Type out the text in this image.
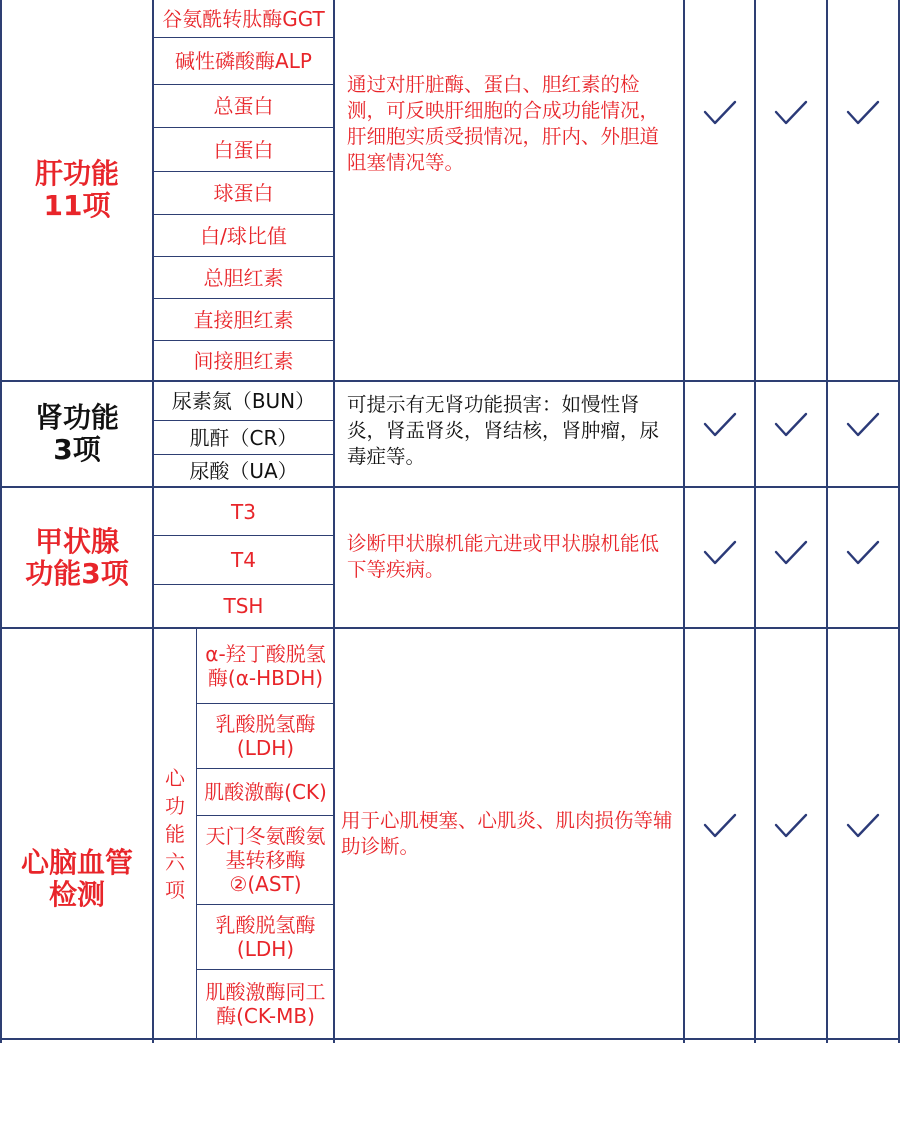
肝功能
11项
谷氨酰转肽酶GGT
碱性磷酸酶ALP
总蛋白
白蛋白
球蛋白
白/球比值
总胆红素
直接胆红素
间接胆红素
通过对肝脏酶、蛋白、胆红素的检测，可反映肝细胞的合成功能情况，肝细胞实质受损情况，肝内、外胆道阻塞情况等。
肾功能
3项
尿素氮（BUN）
肌酐（CR）
尿酸（UA）
可提示有无肾功能损害：如慢性肾炎，肾盂肾炎，肾结核，肾肿瘤，尿毒症等。
甲状腺
功能3项
T3
T4
TSH
诊断甲状腺机能亢进或甲状腺机能低下等疾病。
心脑血管
检测
心
功
能
六
项
α-羟丁酸脱氢酶(α-HBDH)
乳酸脱氢酶(LDH)
肌酸激酶(CK)
天门冬氨酸氨基转移酶②(AST)
乳酸脱氢酶(LDH)
肌酸激酶同工酶(CK-MB)
用于心肌梗塞、心肌炎、肌肉损伤等辅助诊断。
